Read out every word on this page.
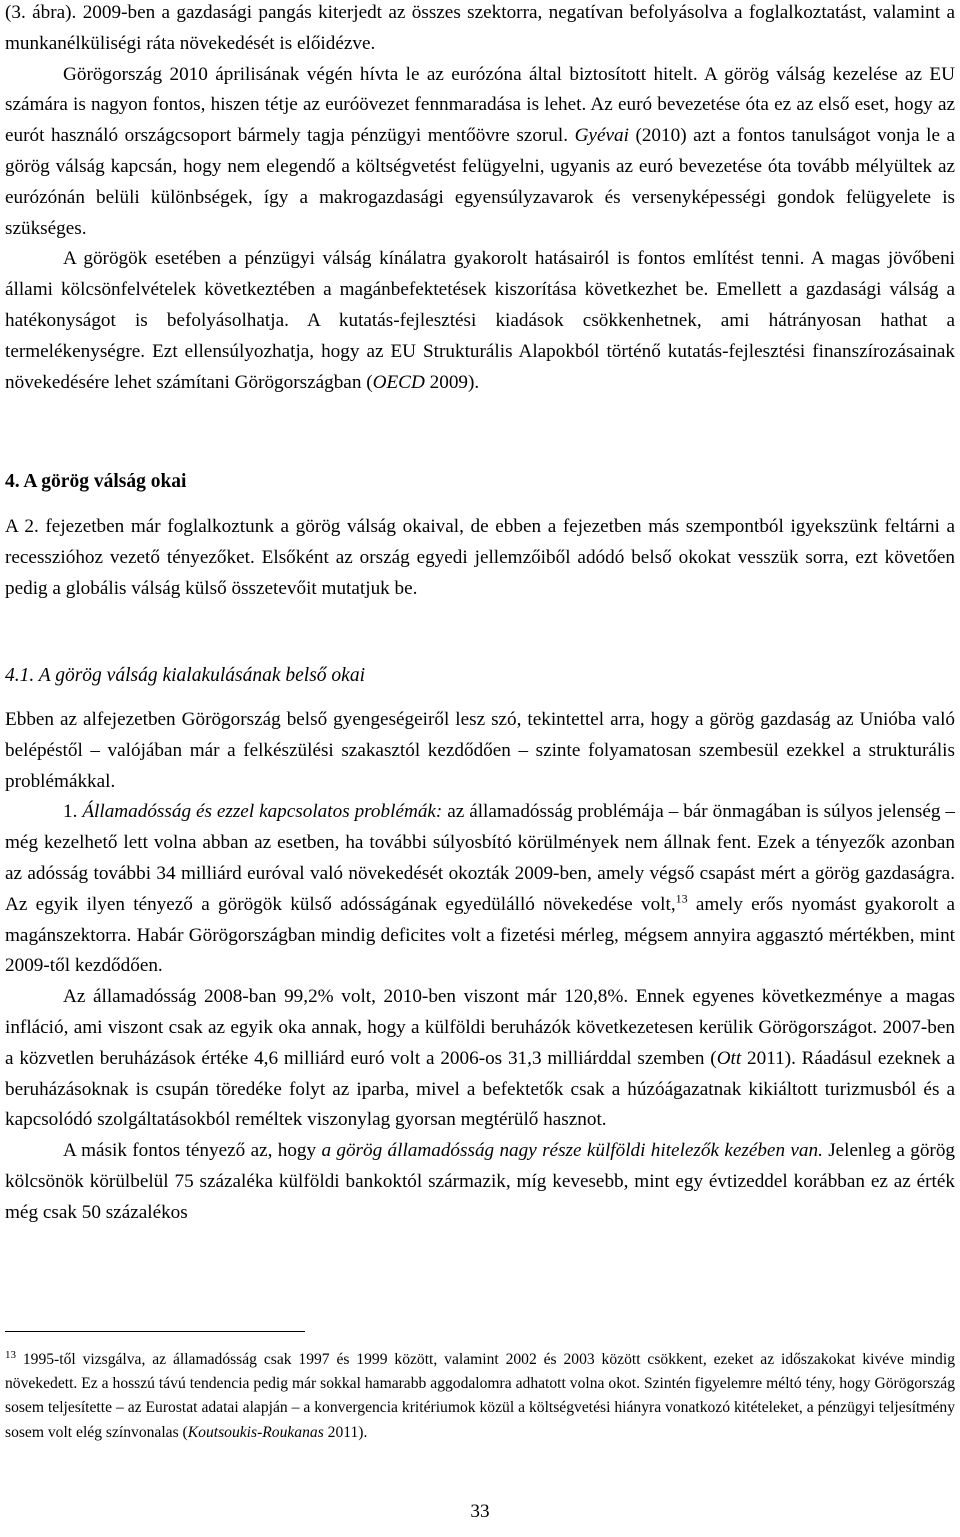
(3. ábra). 2009-ben a gazdasági pangás kiterjedt az összes szektorra, negatívan befolyásolva a foglalkoztatást, valamint a munkanélküliségi ráta növekedését is előidézve.

Görögország 2010 áprilisának végén hívta le az eurózóna által biztosított hitelt. A görög válság kezelése az EU számára is nagyon fontos, hiszen tétje az euróövezet fennmaradása is lehet. Az euró bevezetése óta ez az első eset, hogy az eurót használó országcsoport bármely tagja pénzügyi mentőövre szorul. Gyévai (2010) azt a fontos tanulságot vonja le a görög válság kapcsán, hogy nem elegendő a költségvetést felügyelni, ugyanis az euró bevezetése óta tovább mélyültek az eurózónán belüli különbségek, így a makrogazdasági egyensúlyzavarok és versenyképességi gondok felügyelete is szükséges.

A görögök esetében a pénzügyi válság kínálatra gyakorolt hatásairól is fontos említést tenni. A magas jövőbeni állami kölcsönfelvételek következtében a magánbefektetések kiszorítása következhet be. Emellett a gazdasági válság a hatékonyságot is befolyásolhatja. A kutatás-fejlesztési kiadások csökkenhetnek, ami hátrányosan hathat a termelékenységre. Ezt ellensúlyozhatja, hogy az EU Strukturális Alapokból történő kutatás-fejlesztési finanszírozásainak növekedésére lehet számítani Görögországban (OECD 2009).

4. A görög válság okai

A 2. fejezetben már foglalkoztunk a görög válság okaival, de ebben a fejezetben más szempontból igyekszünk feltárni a recesszióhoz vezető tényezőket. Elsőként az ország egyedi jellemzőiből adódó belső okokat vesszük sorra, ezt követően pedig a globális válság külső összetevőit mutatjuk be.

4.1. A görög válság kialakulásának belső okai

Ebben az alfejezetben Görögország belső gyengeségeiről lesz szó, tekintettel arra, hogy a görög gazdaság az Unióba való belépéstől – valójában már a felkészülési szakasztól kezdődően – szinte folyamatosan szembesül ezekkel a strukturális problémákkal.

1. Államadósság és ezzel kapcsolatos problémák: az államadósság problémája – bár önmagában is súlyos jelenség – még kezelhető lett volna abban az esetben, ha további súlyosbító körülmények nem állnak fent. Ezek a tényezők azonban az adósság további 34 milliárd euróval való növekedését okozták 2009-ben, amely végső csapást mért a görög gazdaságra. Az egyik ilyen tényező a görögök külső adósságának egyedülálló növekedése volt,$^{13}$ amely erős nyomást gyakorolt a magánszektorra. Habár Görögországban mindig deficites volt a fizetési mérleg, mégsem annyira aggasztó mértékben, mint 2009-től kezdődően.

Az államadósság 2008-ban 99,2% volt, 2010-ben viszont már 120,8%. Ennek egyenes következménye a magas infláció, ami viszont csak az egyik oka annak, hogy a külföldi beruházók következetesen kerülik Görögországot. 2007-ben a közvetlen beruházások értéke 4,6 milliárd euró volt a 2006-os 31,3 milliárddal szemben (Ott 2011). Ráadásul ezeknek a beruházásoknak is csupán töredéke folyt az iparba, mivel a befektetők csak a húzóágazatnak kikiáltott turizmusból és a kapcsolódó szolgáltatásokból reméltek viszonylag gyorsan megtérülő hasznot.

A másik fontos tényező az, hogy a görög államadósság nagy része külföldi hitelezők kezében van. Jelenleg a görög kölcsönök körülbelül 75 százaléka külföldi bankoktól származik, míg kevesebb, mint egy évtizeddel korábban ez az érték még csak 50 százalékos

$^{13}$ 1995-től vizsgálva, az államadósság csak 1997 és 1999 között, valamint 2002 és 2003 között csökkent, ezeket az időszakokat kivéve mindig növekedett. Ez a hosszú távú tendencia pedig már sokkal hamarabb aggodalomra adhatott volna okot. Szintén figyelemre méltó tény, hogy Görögország sosem teljesítette – az Eurostat adatai alapján – a konvergencia kritériumok közül a költségvetési hiányra vonatkozó kitételeket, a pénzügyi teljesítmény sosem volt elég színvonalas (Koutsoukis-Roukanas 2011).

33
